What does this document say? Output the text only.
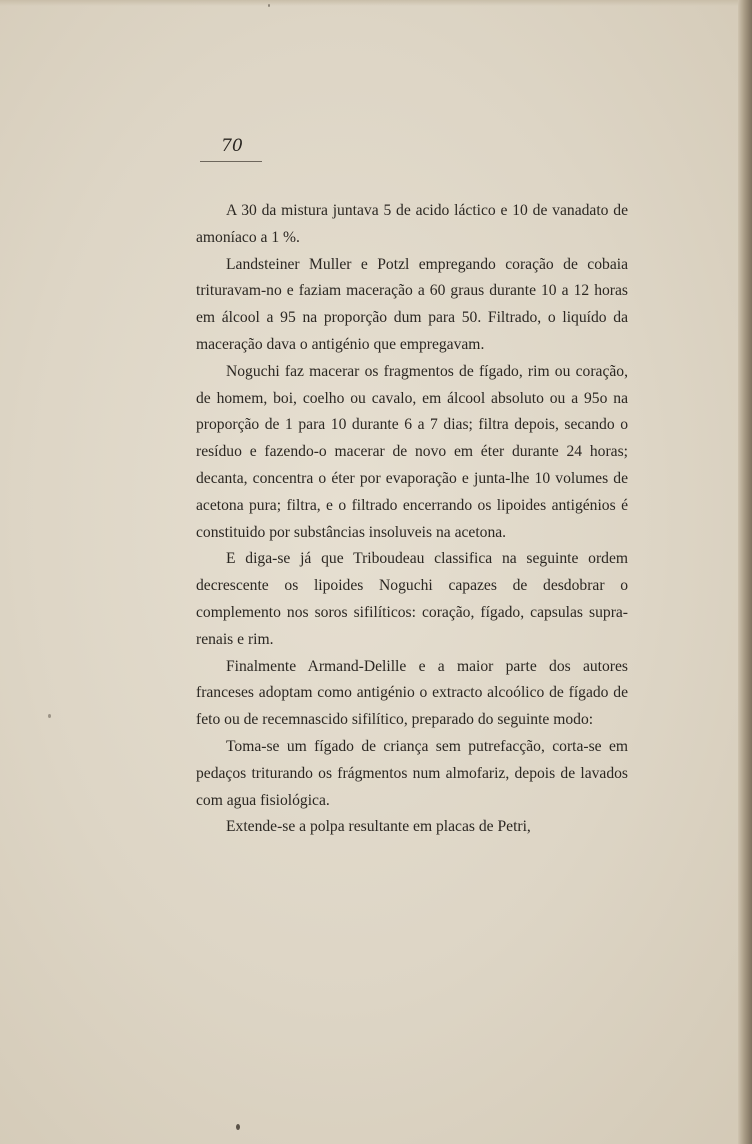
70

A 30 da mistura juntava 5 de acido láctico e 10 de vanadato de amoníaco a 1 %.

Landsteiner Muller e Potzl empregando coração de cobaia trituravam-no e faziam maceração a 60 graus durante 10 a 12 horas em álcool a 95 na proporção dum para 50. Filtrado, o liquído da maceração dava o antigénio que empregavam.

Noguchi faz macerar os fragmentos de fígado, rim ou coração, de homem, boi, coelho ou cavalo, em álcool absoluto ou a 95o na proporção de 1 para 10 durante 6 a 7 dias; filtra depois, secando o resíduo e fazendo-o macerar de novo em éter durante 24 horas; decanta, concentra o éter por evaporação e junta-lhe 10 volumes de acetona pura; filtra, e o filtrado encerrando os lipoides antigénios é constituido por substâncias insoluveis na acetona.

E diga-se já que Triboudeau classifica na seguinte ordem decrescente os lipoides Noguchi capazes de desdobrar o complemento nos soros sifilíticos: coração, fígado, capsulas supra-renais e rim.

Finalmente Armand-Delille e a maior parte dos autores franceses adoptam como antigénio o extracto alcoólico de fígado de feto ou de recemnascido sifilítico, preparado do seguinte modo:

Toma-se um fígado de criança sem putrefacção, corta-se em pedaços triturando os frágmentos num almofariz, depois de lavados com agua fisiológica.

Extende-se a polpa resultante em placas de Petri,
